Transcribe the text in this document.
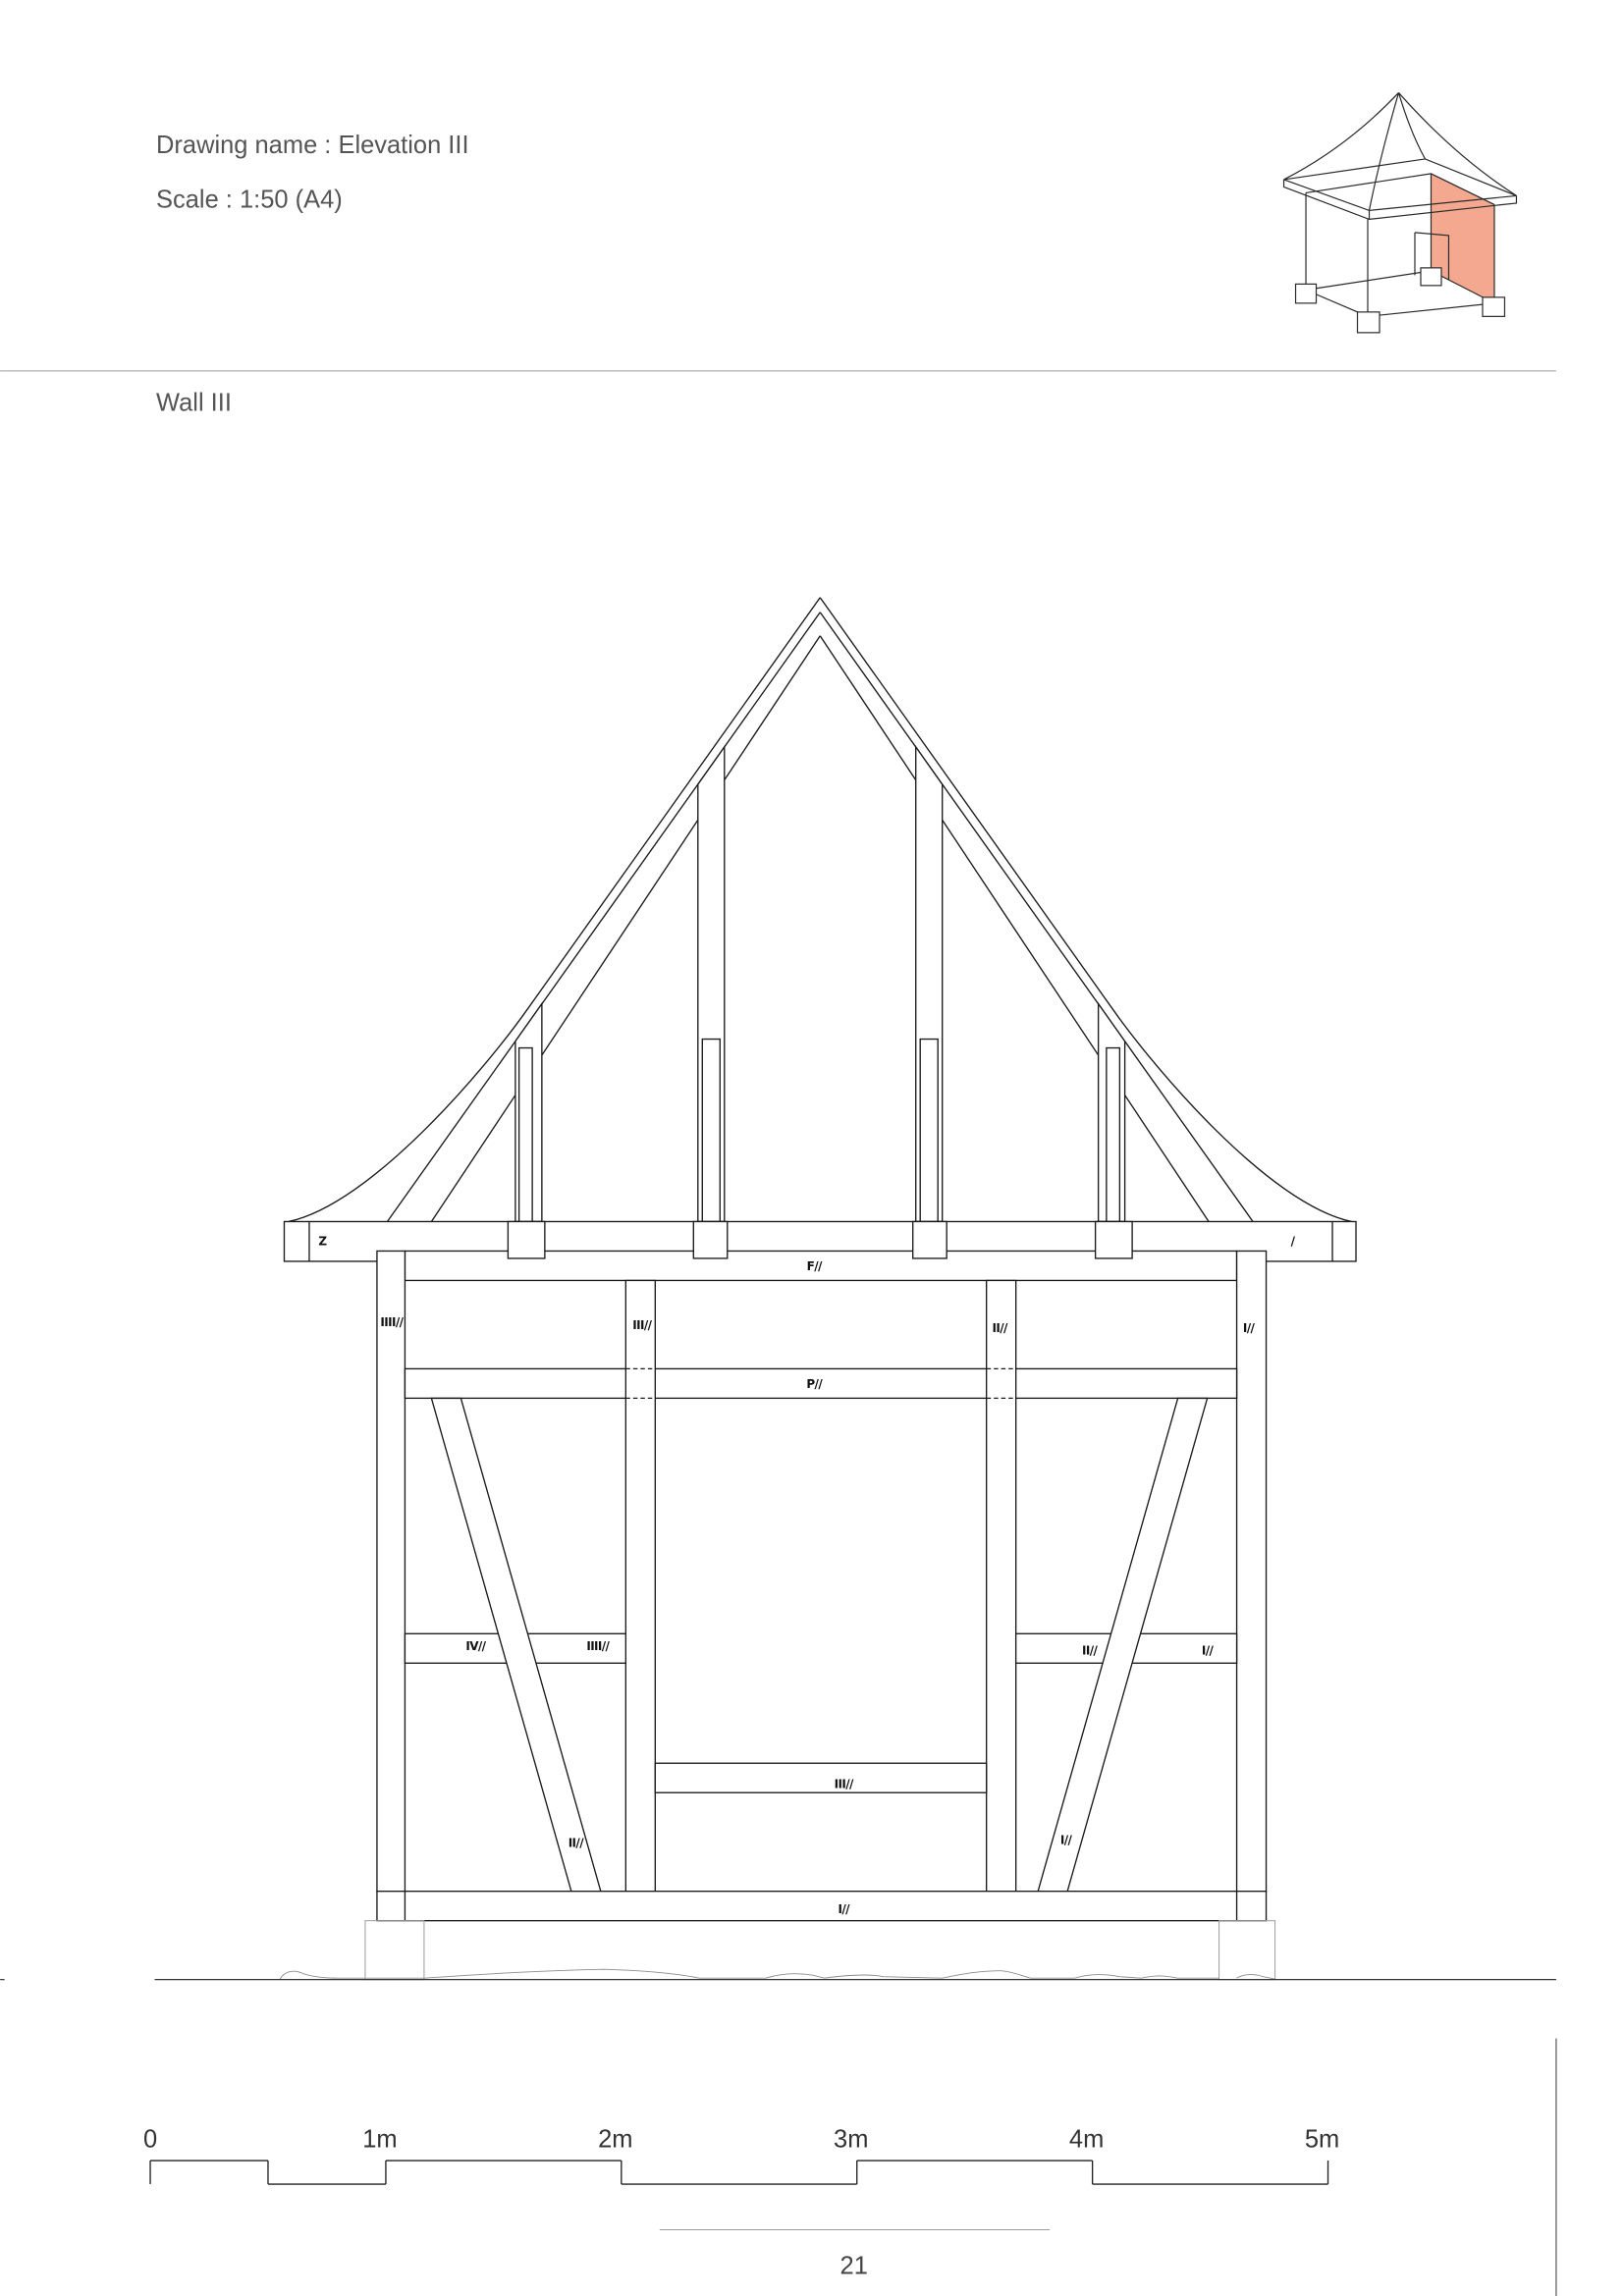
Drawing name : Elevation III
Scale : 1:50 (A4)
Wall III
Z	/
F//
IIII//	III//	II//	I//
P//
IV//	IIII//	II//	I//
III//
II//	I//
I//
0	1m	2m	3m	4m	5m
21
